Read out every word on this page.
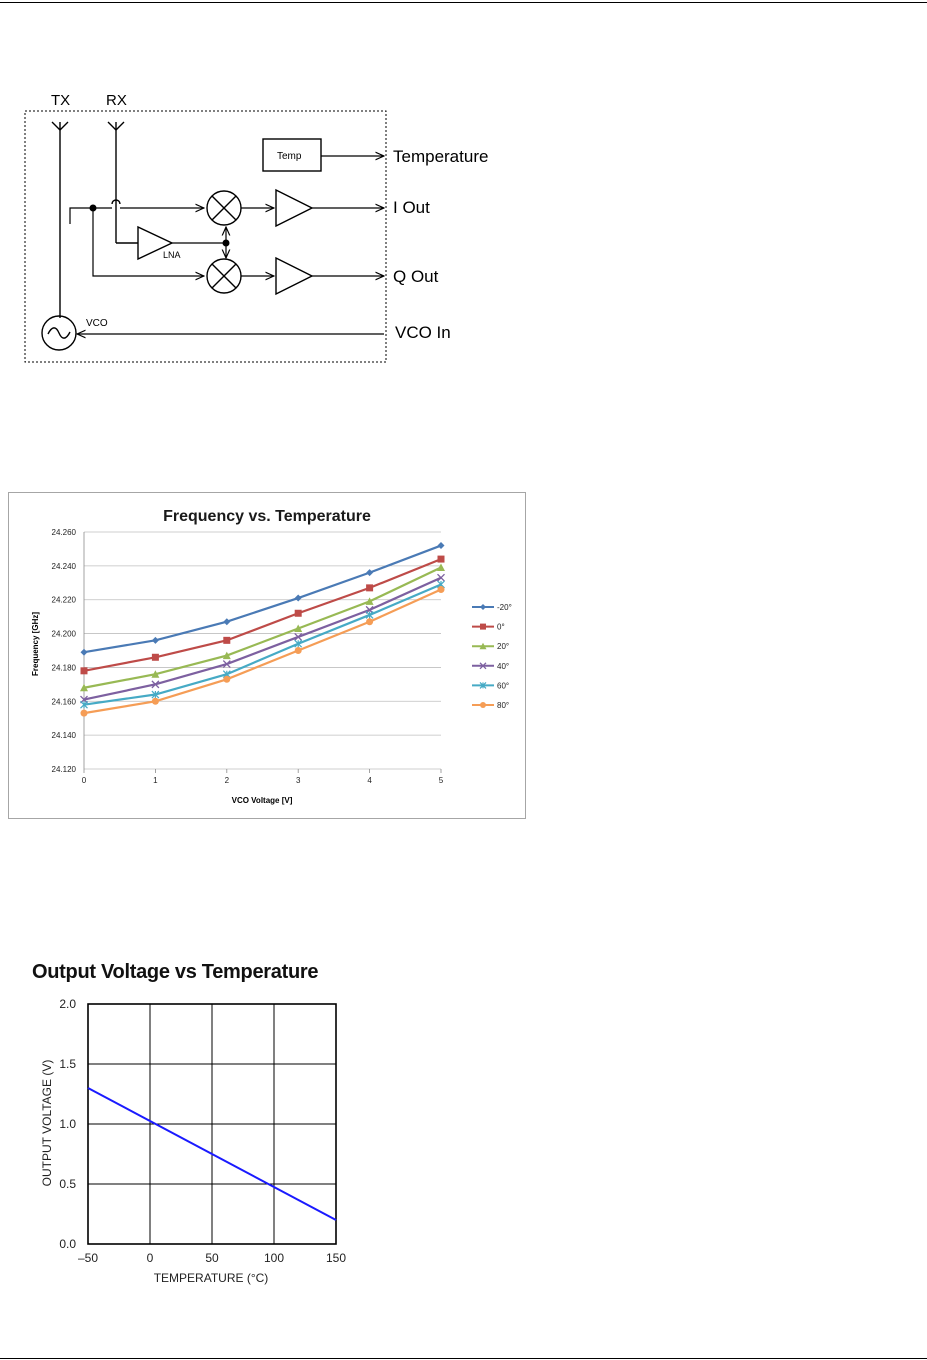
TX RX
LNA
Temp
VCO
Temperature
I Out
Q Out
VCO In
Frequency vs. Temperature
Frequency [GHz]
VCO Voltage [V]
24.120
24.140
24.160
24.180
24.200
24.220
24.240
24.260
0	1	2	3	4	5
-20°
0°
20°
40°
60°
80°
Output Voltage vs Temperature
OUTPUT VOLTAGE (V)
TEMPERATURE (°C)
0.0
0.5
1.0
1.5
2.0
–50	0	50	100	150
